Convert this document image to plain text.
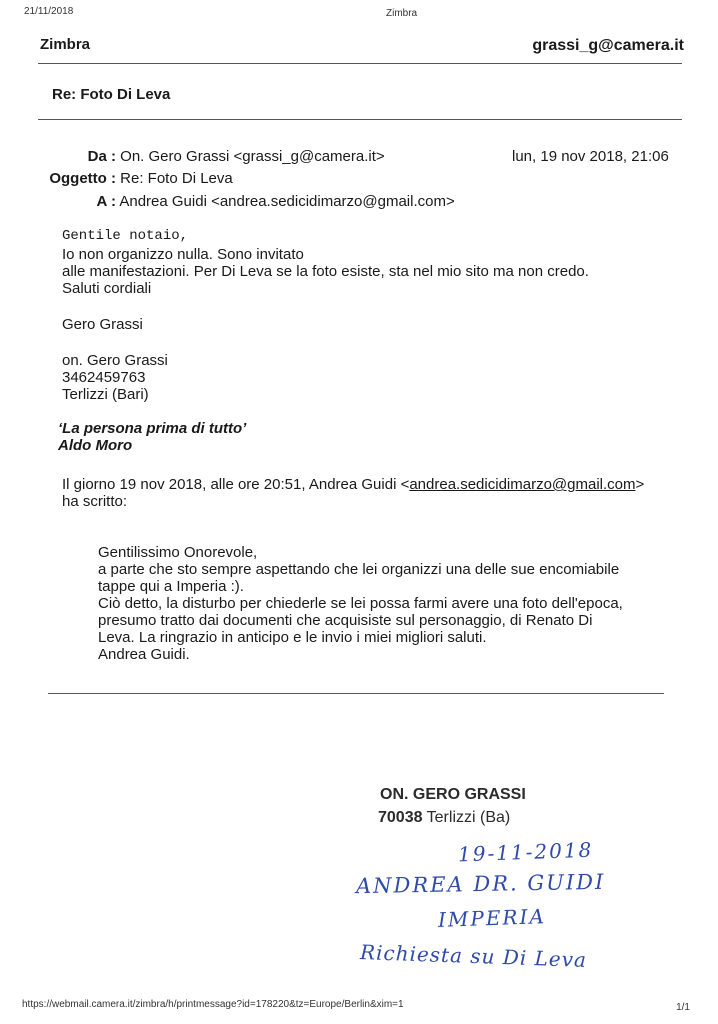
21/11/2018	Zimbra
Zimbra	grassi_g@camera.it
Re: Foto Di Leva
Da : On. Gero Grassi <grassi_g@camera.it>	lun, 19 nov 2018, 21:06
Oggetto : Re: Foto Di Leva
A : Andrea Guidi <andrea.sedicidimarzo@gmail.com>
Gentile notaio,
Io non organizzo nulla. Sono invitato
alle manifestazioni. Per Di Leva se la foto esiste, sta nel mio sito ma non credo.
Saluti cordiali
Gero Grassi
on. Gero Grassi
3462459763
Terlizzi (Bari)
‘La persona prima di tutto’
Aldo Moro
Il giorno 19 nov 2018, alle ore 20:51, Andrea Guidi <andrea.sedicidimarzo@gmail.com>
ha scritto:
Gentilissimo Onorevole,
a parte che sto sempre aspettando che lei organizzi una delle sue encomiabile
tappe qui a Imperia :).
Ciò detto, la disturbo per chiederle se lei possa farmi avere una foto dell'epoca,
presumo tratto dai documenti che acquisiste sul personaggio, di Renato Di
Leva. La ringrazio in anticipo e le invio i miei migliori saluti.
Andrea Guidi.
ON. GERO GRASSI
70038 Terlizzi (Ba)
19-11-2018
ANDREA DR. GUIDI
IMPERIA
Richiesta su Di Leva
https://webmail.camera.it/zimbra/h/printmessage?id=178220&tz=Europe/Berlin&xim=1	1/1
